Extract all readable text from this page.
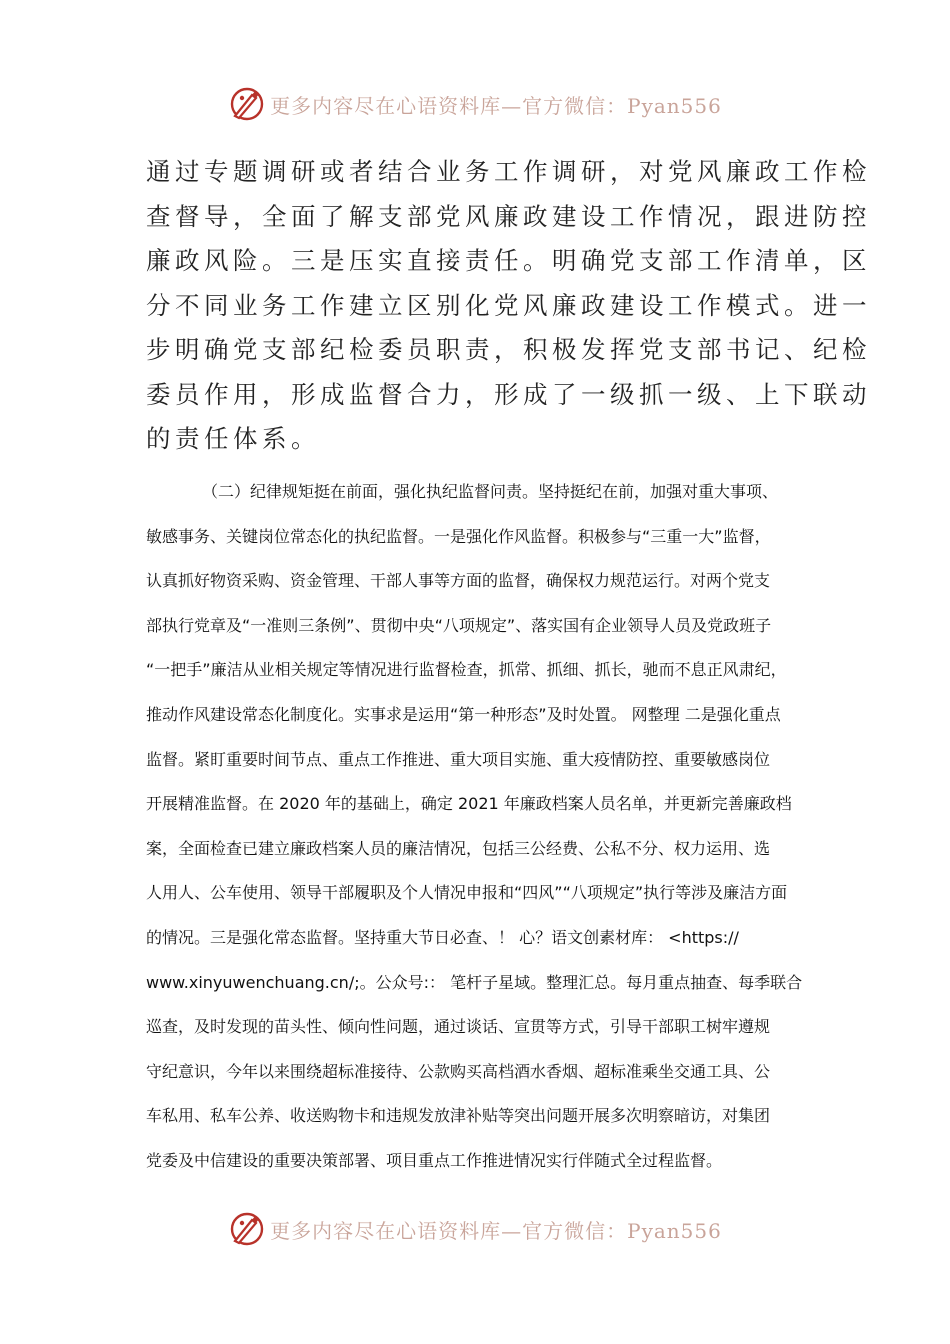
更多内容尽在心语资料库—官方微信：Pyan556
通过专题调研或者结合业务工作调研，对党风廉政工作检
查督导，全面了解支部党风廉政建设工作情况，跟进防控
廉政风险。三是压实直接责任。明确党支部工作清单，区
分不同业务工作建立区别化党风廉政建设工作模式。进一
步明确党支部纪检委员职责，积极发挥党支部书记、纪检
委员作用，形成监督合力，形成了一级抓一级、上下联动
的责任体系。
（二）纪律规矩挺在前面，强化执纪监督问责。坚持挺纪在前，加强对重大事项、
敏感事务、关键岗位常态化的执纪监督。一是强化作风监督。积极参与“三重一大”监督，
认真抓好物资采购、资金管理、干部人事等方面的监督，确保权力规范运行。对两个党支
部执行党章及“一准则三条例”、贯彻中央“八项规定”、落实国有企业领导人员及党政班子
“一把手”廉洁从业相关规定等情况进行监督检查，抓常、抓细、抓长，驰而不息正风肃纪，
推动作风建设常态化制度化。实事求是运用“第一种形态”及时处置。 网整理 二是强化重点
监督。紧盯重要时间节点、重点工作推进、重大项目实施、重大疫情防控、重要敏感岗位
开展精准监督。在 2020 年的基础上，确定 2021 年廉政档案人员名单，并更新完善廉政档
案，全面检查已建立廉政档案人员的廉洁情况，包括三公经费、公私不分、权力运用、选
人用人、公车使用、领导干部履职及个人情况申报和“四风”“八项规定”执行等涉及廉洁方面
的情况。三是强化常态监督。坚持重大节日必查、！ 心？语文创素材库： <https://
www.xinyuwenchuang.cn/;。公众号:： 笔杆子星域。整理汇总。每月重点抽查、每季联合
巡查，及时发现的苗头性、倾向性问题，通过谈话、宣贯等方式，引导干部职工树牢遵规
守纪意识，今年以来围绕超标准接待、公款购买高档酒水香烟、超标准乘坐交通工具、公
车私用、私车公养、收送购物卡和违规发放津补贴等突出问题开展多次明察暗访，对集团
党委及中信建设的重要决策部署、项目重点工作推进情况实行伴随式全过程监督。
更多内容尽在心语资料库—官方微信：Pyan556
